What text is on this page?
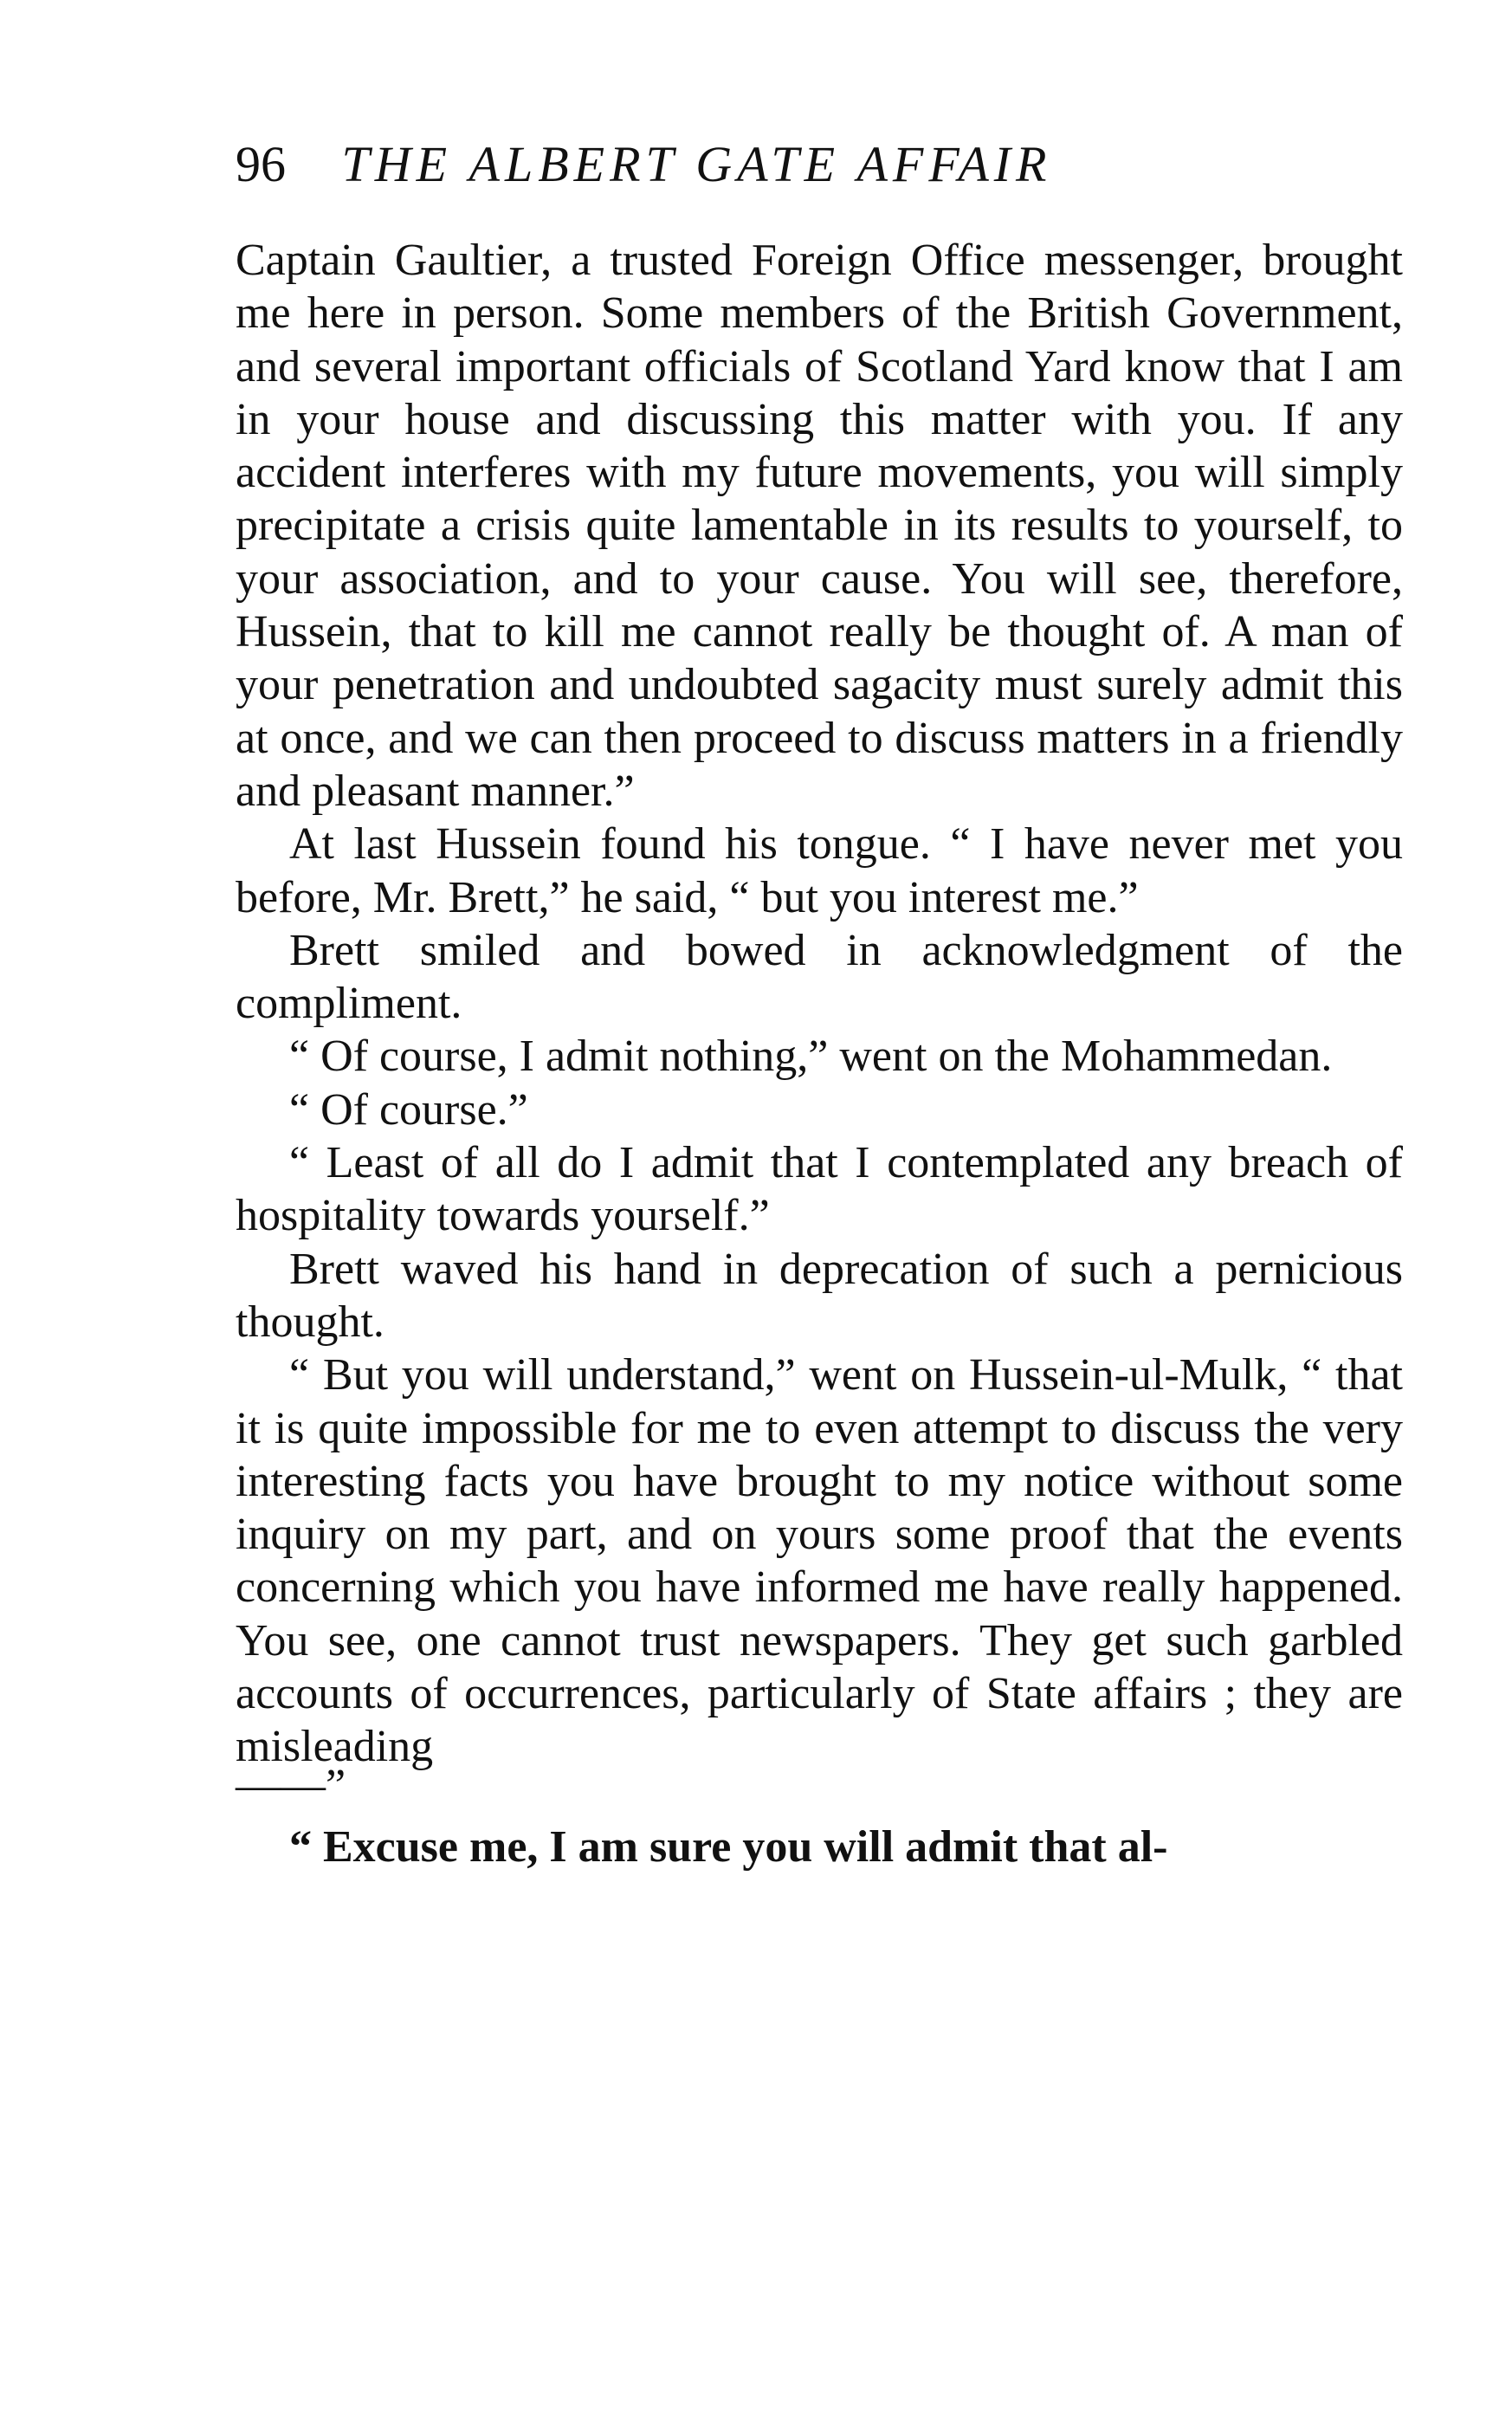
96 THE ALBERT GATE AFFAIR

Captain Gaultier, a trusted Foreign Office messenger, brought me here in person. Some members of the British Government, and several important officials of Scotland Yard know that I am in your house and discussing this matter with you. If any accident interferes with my future movements, you will simply precipitate a crisis quite lamentable in its results to yourself, to your association, and to your cause. You will see, therefore, Hussein, that to kill me cannot really be thought of. A man of your penetration and undoubted sagacity must surely admit this at once, and we can then proceed to discuss matters in a friendly and pleasant manner.”

At last Hussein found his tongue. “ I have never met you before, Mr. Brett,” he said, “ but you interest me.”

Brett smiled and bowed in acknowledgment of the compliment.

“ Of course, I admit nothing,” went on the Mohammedan.

“ Of course.”

“ Least of all do I admit that I contemplated any breach of hospitality towards yourself.”

Brett waved his hand in deprecation of such a pernicious thought.

“ But you will understand,” went on Hussein-ul-Mulk, “ that it is quite impossible for me to even attempt to discuss the very interesting facts you have brought to my notice without some inquiry on my part, and on yours some proof that the events concerning which you have informed me have really happened. You see, one cannot trust newspapers. They get such garbled accounts of occurrences, particularly of State affairs ; they are misleading

——”

“ Excuse me, I am sure you will admit that al-
